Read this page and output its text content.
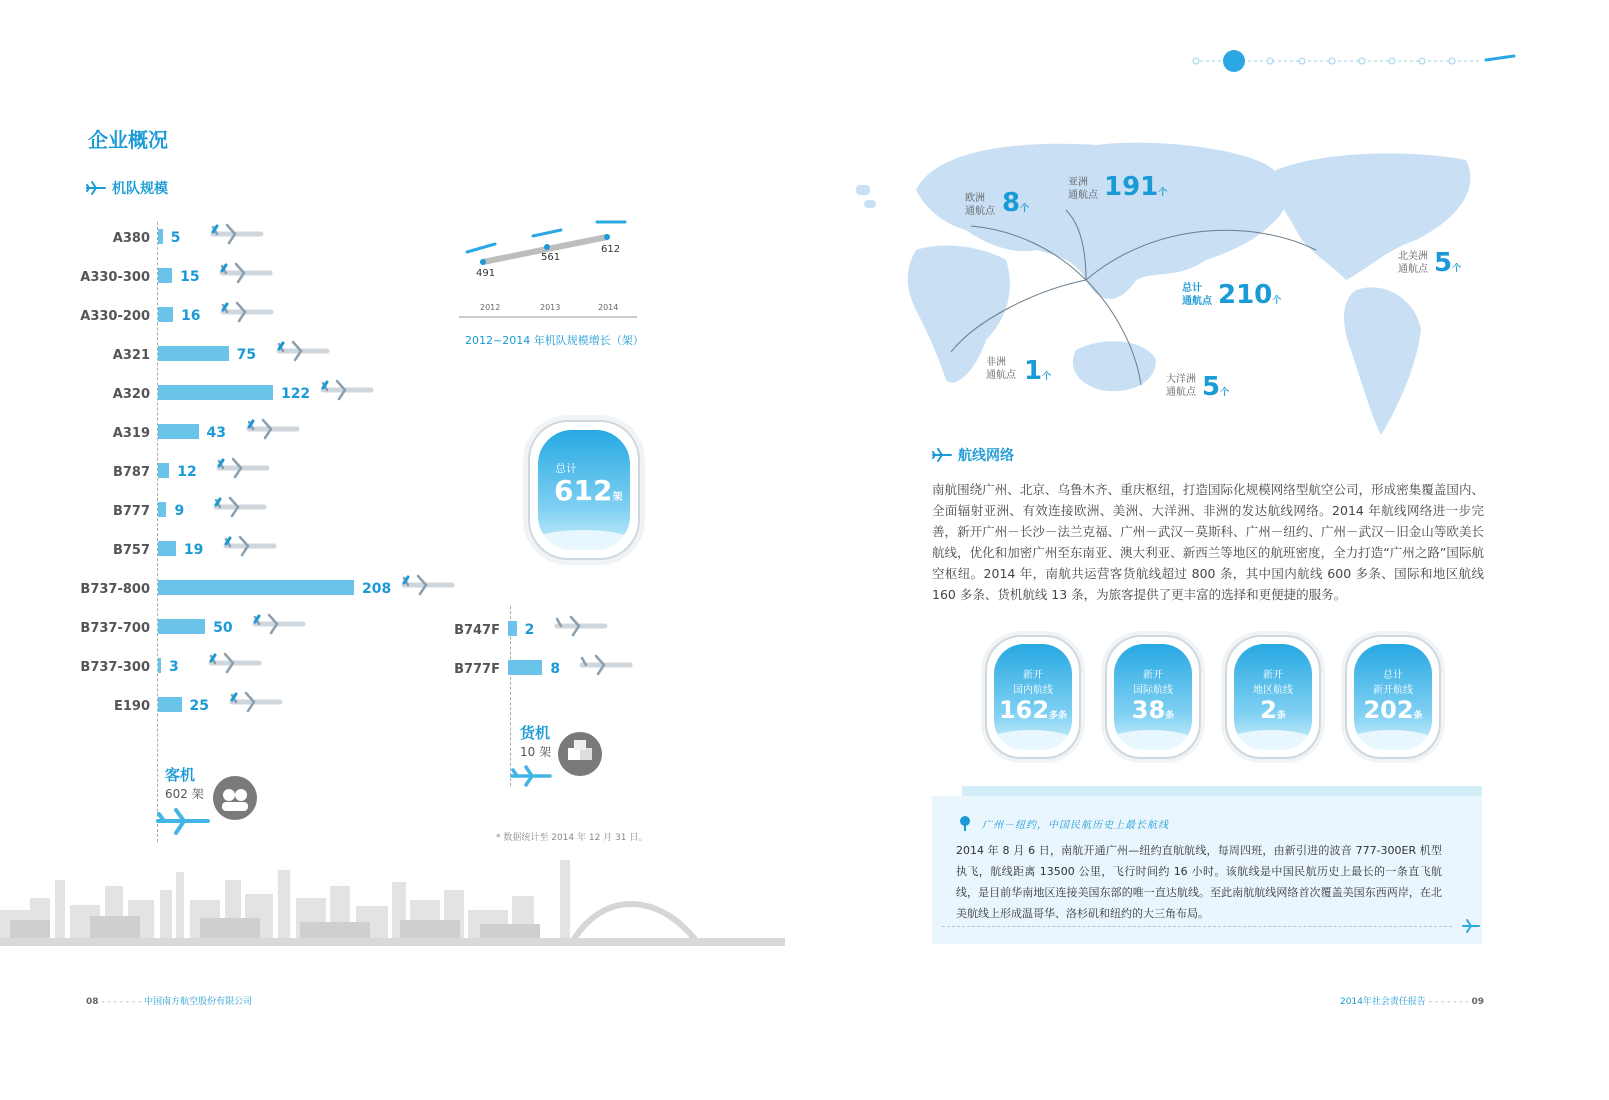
企业概况
机队规模
A380 5
A330-300 15
A330-200 16
A321	75
A320	122
A319	43
B787 12
B777 9
B757 19
B737-800	208
B737-700	50
B737-300 3
E190	25
B747F 2
B777F	8
客机
602 架
货机
10 架
491
561
612
2012	2013	2014
2012~2014 年机队规模增长（架）
总计
612架
* 数据统计至 2014 年 12 月 31 日。
08 - - - - - - - 中国南方航空股份有限公司
欧洲
通航点 8个
亚洲
通航点 191个
北美洲
通航点 5个
总计
通航点 210个
非洲
通航点 1个	大洋洲
通航点 5个
航线网络
南航围绕广州、北京、乌鲁木齐、重庆枢纽，打造国际化规模网络型航空公司，形成密集覆盖国内、全面辐射亚洲、有效连接欧洲、美洲、大洋洲、非洲的发达航线网络。2014 年航线网络进一步完善，新开广州－长沙－法兰克福、广州－武汉－莫斯科、广州－纽约、广州－武汉－旧金山等欧美长航线，优化和加密广州至东南亚、澳大利亚、新西兰等地区的航班密度，全力打造“广州之路”国际航空枢纽。2014 年，南航共运营客货航线超过 800 条，其中国内航线 600 多条、国际和地区航线 160 多条、货机航线 13 条，为旅客提供了更丰富的选择和更便捷的服务。
新开
国内航线
162多条
新开
国际航线
38条
新开
地区航线
2条
总计
新开航线
202条
广州－纽约，中国民航历史上最长航线
2014 年 8 月 6 日，南航开通广州—纽约直航航线，每周四班，由新引进的波音 777-300ER 机型执飞，航线距离 13500 公里，飞行时间约 16 小时。该航线是中国民航历史上最长的一条直飞航线，是目前华南地区连接美国东部的唯一直达航线。至此南航航线网络首次覆盖美国东西两岸，在北美航线上形成温哥华、洛杉矶和纽约的大三角布局。
2014年社会责任报告 - - - - - - - 09
